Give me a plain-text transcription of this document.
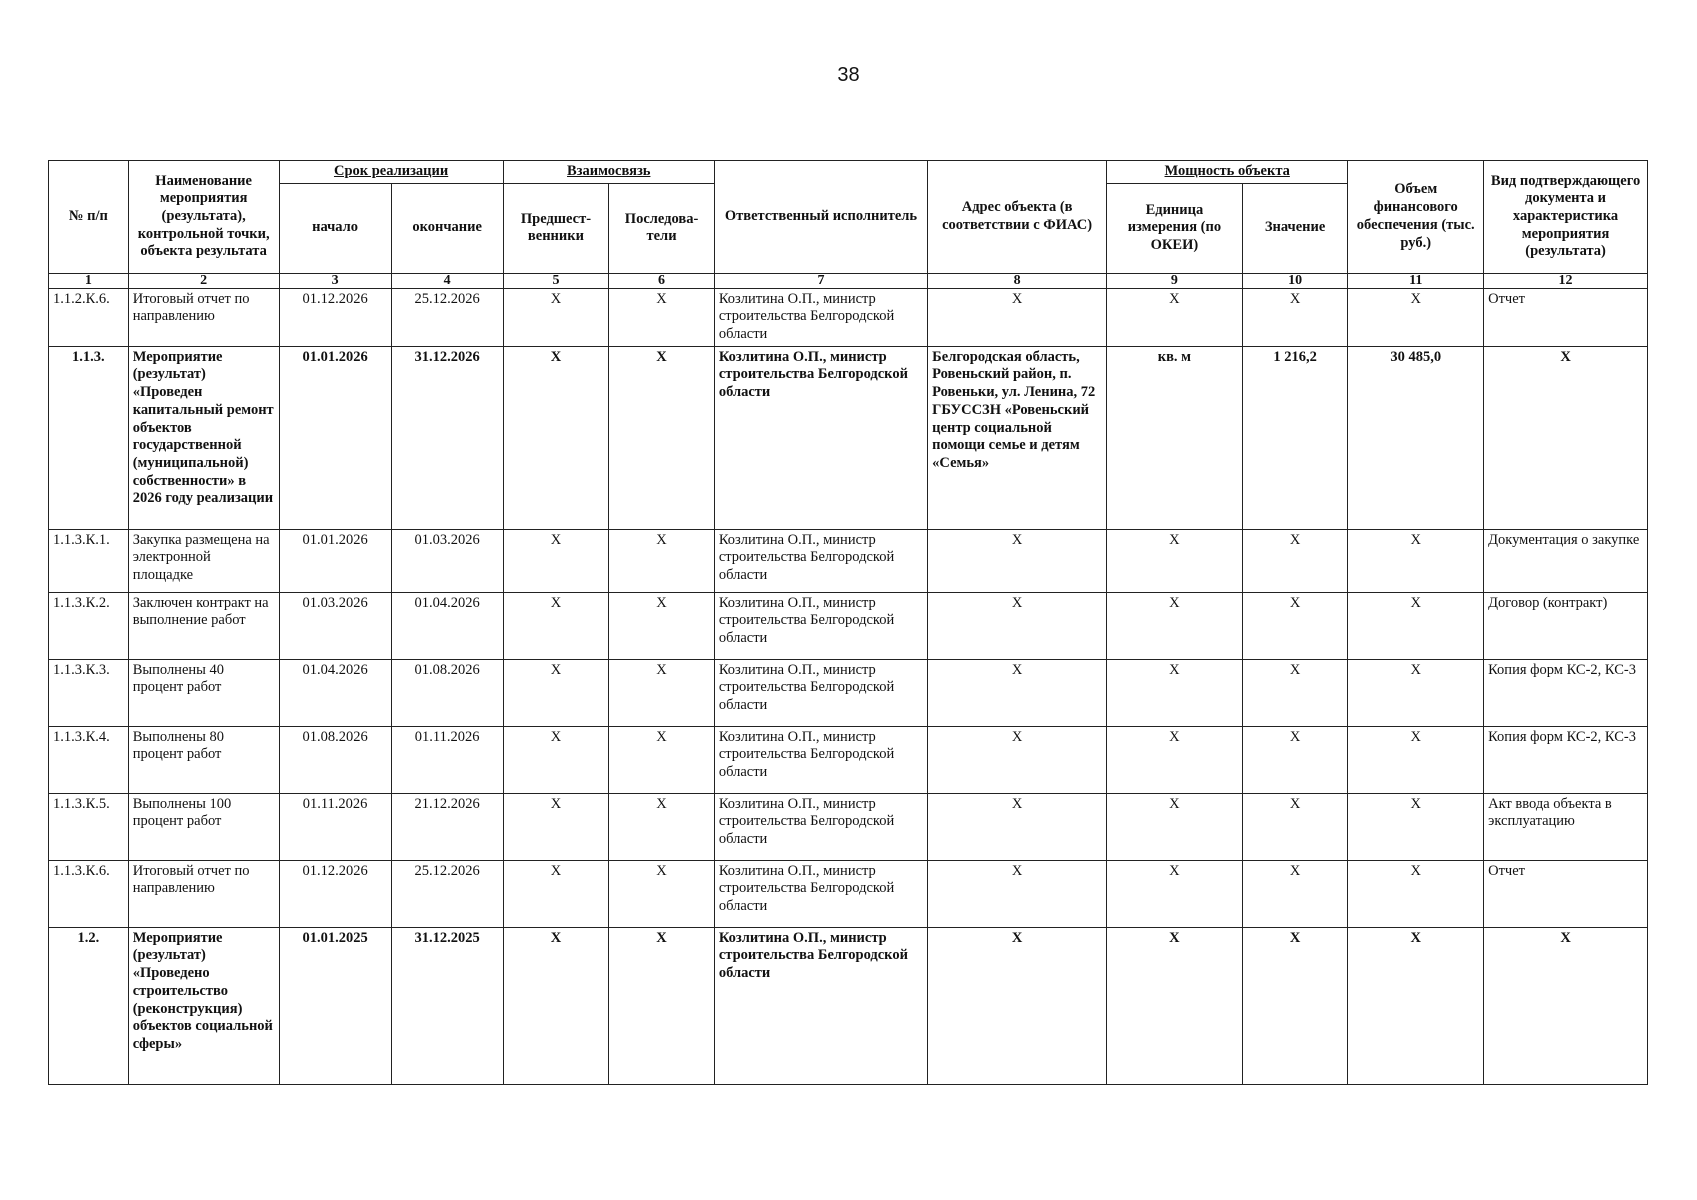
38
№ п/п	Наименование мероприятия (результата), контрольной точки, объекта результата	Срок реализации		Взаимосвязь		Ответственный исполнитель	Адрес объекта (в соответствии с ФИАС)	Мощность объекта		Объем финансового обеспечения (тыс. руб.)	Вид подтверждающего документа и характеристика мероприятия (результата)
		начало	окончание	Предшест-венники	Последова-тели			Единица измерения (по ОКЕИ)	Значение		
1	2	3	4	5	6	7	8	9	10	11	12
1.1.2.К.6.	Итоговый отчет по направлению	01.12.2026	25.12.2026	X	X	Козлитина О.П., министр строительства Белгородской области	X	X	X	X	Отчет
1.1.3.	Мероприятие (результат) «Проведен капитальный ремонт объектов государственной (муниципальной) собственности» в 2026 году реализации	01.01.2026	31.12.2026	X	X	Козлитина О.П., министр строительства Белгородской области	Белгородская область, Ровеньский район, п. Ровеньки, ул. Ленина, 72 ГБУССЗН «Ровеньский центр социальной помощи семье и детям «Семья»	кв. м	1 216,2	30 485,0	X
1.1.3.К.1.	Закупка размещена на электронной площадке	01.01.2026	01.03.2026	X	X	Козлитина О.П., министр строительства Белгородской области	X	X	X	X	Документация о закупке
1.1.3.К.2.	Заключен контракт на выполнение работ	01.03.2026	01.04.2026	X	X	Козлитина О.П., министр строительства Белгородской области	X	X	X	X	Договор (контракт)
1.1.3.К.3.	Выполнены 40 процент работ	01.04.2026	01.08.2026	X	X	Козлитина О.П., министр строительства Белгородской области	X	X	X	X	Копия форм КС-2, КС-3
1.1.3.К.4.	Выполнены 80 процент работ	01.08.2026	01.11.2026	X	X	Козлитина О.П., министр строительства Белгородской области	X	X	X	X	Копия форм КС-2, КС-3
1.1.3.К.5.	Выполнены 100 процент работ	01.11.2026	21.12.2026	X	X	Козлитина О.П., министр строительства Белгородской области	X	X	X	X	Акт ввода объекта в эксплуатацию
1.1.3.К.6.	Итоговый отчет по направлению	01.12.2026	25.12.2026	X	X	Козлитина О.П., министр строительства Белгородской области	X	X	X	X	Отчет
1.2.	Мероприятие (результат) «Проведено строительство (реконструкция) объектов социальной сферы»	01.01.2025	31.12.2025	X	X	Козлитина О.П., министр строительства Белгородской области	X	X	X	X	X
